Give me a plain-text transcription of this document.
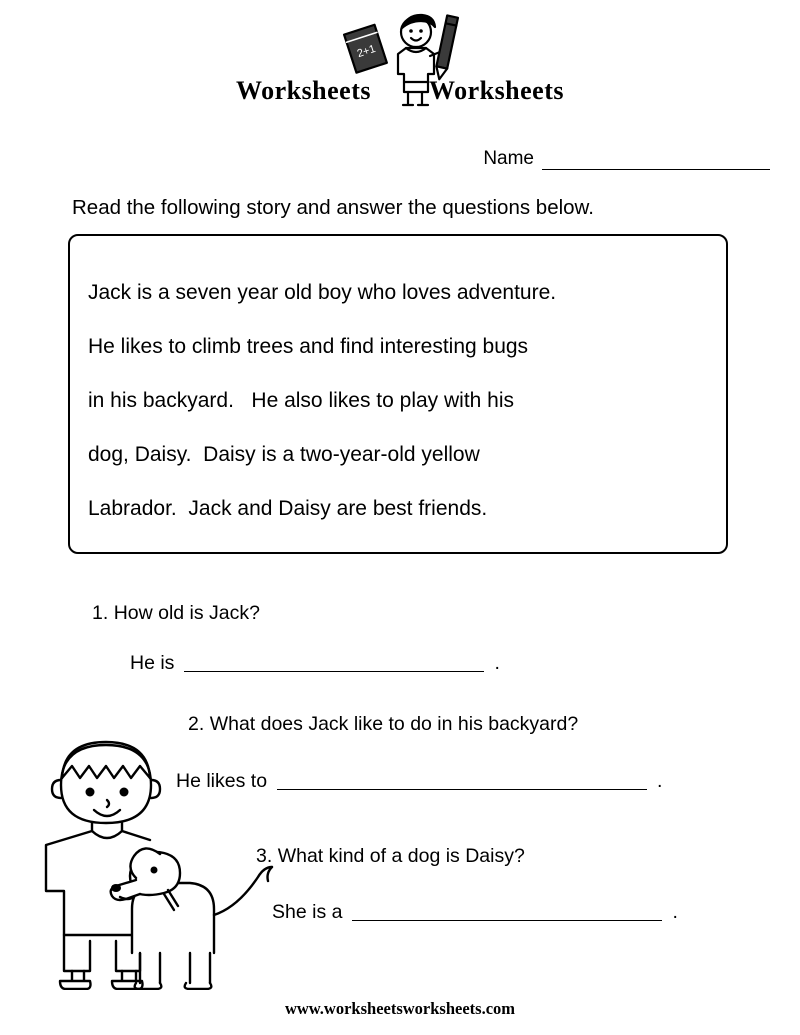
2+1
Worksheets Worksheets
Name
Read the following story and answer the questions below.
Jack is a seven year old boy who loves adventure.
He likes to climb trees and find interesting bugs
in his backyard.   He also likes to play with his
dog, Daisy.  Daisy is a two-year-old yellow
Labrador.  Jack and Daisy are best friends.
1. How old is Jack?
He is	.
2. What does Jack like to do in his backyard?
He likes to	.
3. What kind of a dog is Daisy?
She is a	.
www.worksheetsworksheets.com
